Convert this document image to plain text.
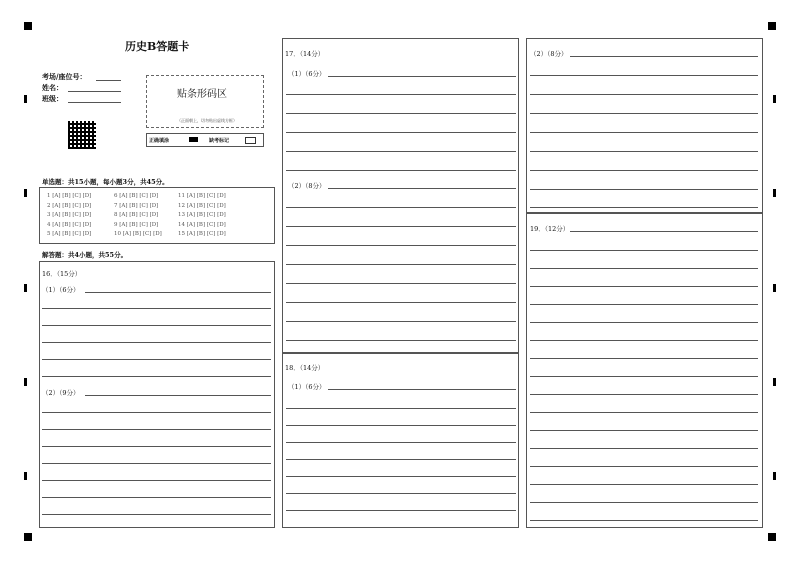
历史B答题卡
考场/座位号：
姓名：
班级：	贴条形码区
（正面朝上，切勿贴出虚线方框）
正确填涂	缺考标记
单选题：共15小题，每小题3分，共45分。
1 [A] [B] [C] [D]	6 [A] [B] [C] [D]	11 [A] [B] [C] [D]
2 [A] [B] [C] [D]	7 [A] [B] [C] [D]	12 [A] [B] [C] [D]
3 [A] [B] [C] [D]	8 [A] [B] [C] [D]	13 [A] [B] [C] [D]
4 [A] [B] [C] [D]	9 [A] [B] [C] [D]	14 [A] [B] [C] [D]
5 [A] [B] [C] [D]	10 [A] [B] [C] [D]	15 [A] [B] [C] [D]
解答题：共4小题，共55分。
16．（15分）
（1）（6分）
（2）（9分）
17．（14分）
（1）（6分）
（2）（8分）
18．（14分）
（1）（6分）
（2）（8分）
19．（12分）
